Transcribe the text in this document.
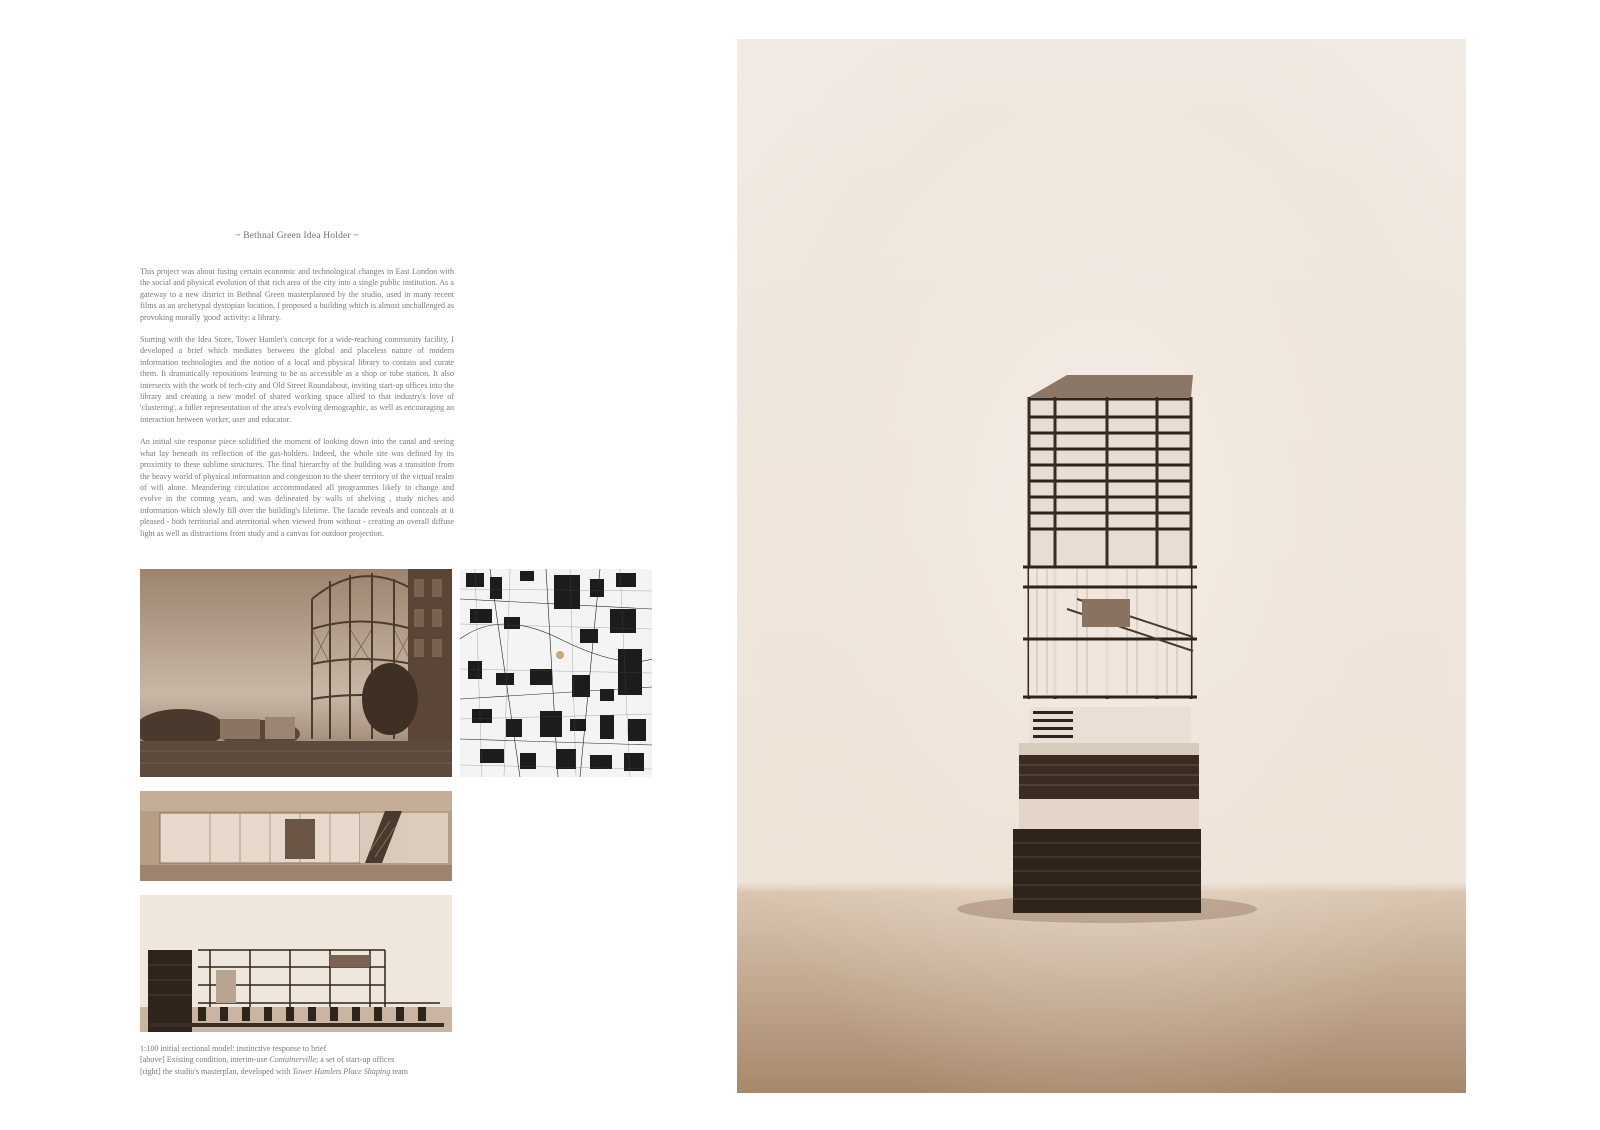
~ Bethnal Green Idea Holder ~

This project was about fusing certain economic and technological changes in East London with the social and physical evolution of that rich area of the city into a single public institution. As a gateway to a new district in Bethnal Green masterplanned by the studio, used in many recent films as an archetypal dystopian location, I proposed a building which is almost unchallenged as provoking morally 'good' activity: a library.

Starting with the Idea Store, Tower Hamlet's concept for a wide-reaching community facility, I developed a brief which mediates between the global and placeless nature of modern information technologies and the notion of a local and physical library to contain and curate them. It dramatically repositions learning to be as accessible as a shop or tube station. It also intersects with the work of tech-city and Old Street Roundabout, inviting start-up offices into the library and creating a new model of shared working space allied to that industry's love of 'clustering', a fuller representation of the area's evolving demographic, as well as encouraging an interaction between worker, user and educator.

An initial site response piece solidified the moment of looking down into the canal and seeing what lay beneath its reflection of the gas-holders. Indeed, the whole site was defined by its proximity to these sublime structures. The final hierarchy of the building was a transition from the heavy world of physical information and congestion to the sheer territory of the virtual realm of wifi alone. Meandering circulation accommodated all programmes likely to change and evolve in the coming years, and was delineated by walls of shelving , study niches and information which slowly fill over the building's lifetime. The facade reveals and conceals at it pleased - both territorial and aterritorial when viewed from without - creating an overall diffuse light as well as distractions from study and a canvas for outdoor projection.

1:100 initial sectional model: instinctive response to brief
[above] Existing condition, interim-use Containerville; a set of start-up offices
[right] the studio's masterplan, developed with Tower Hamlets Place Shaping team
